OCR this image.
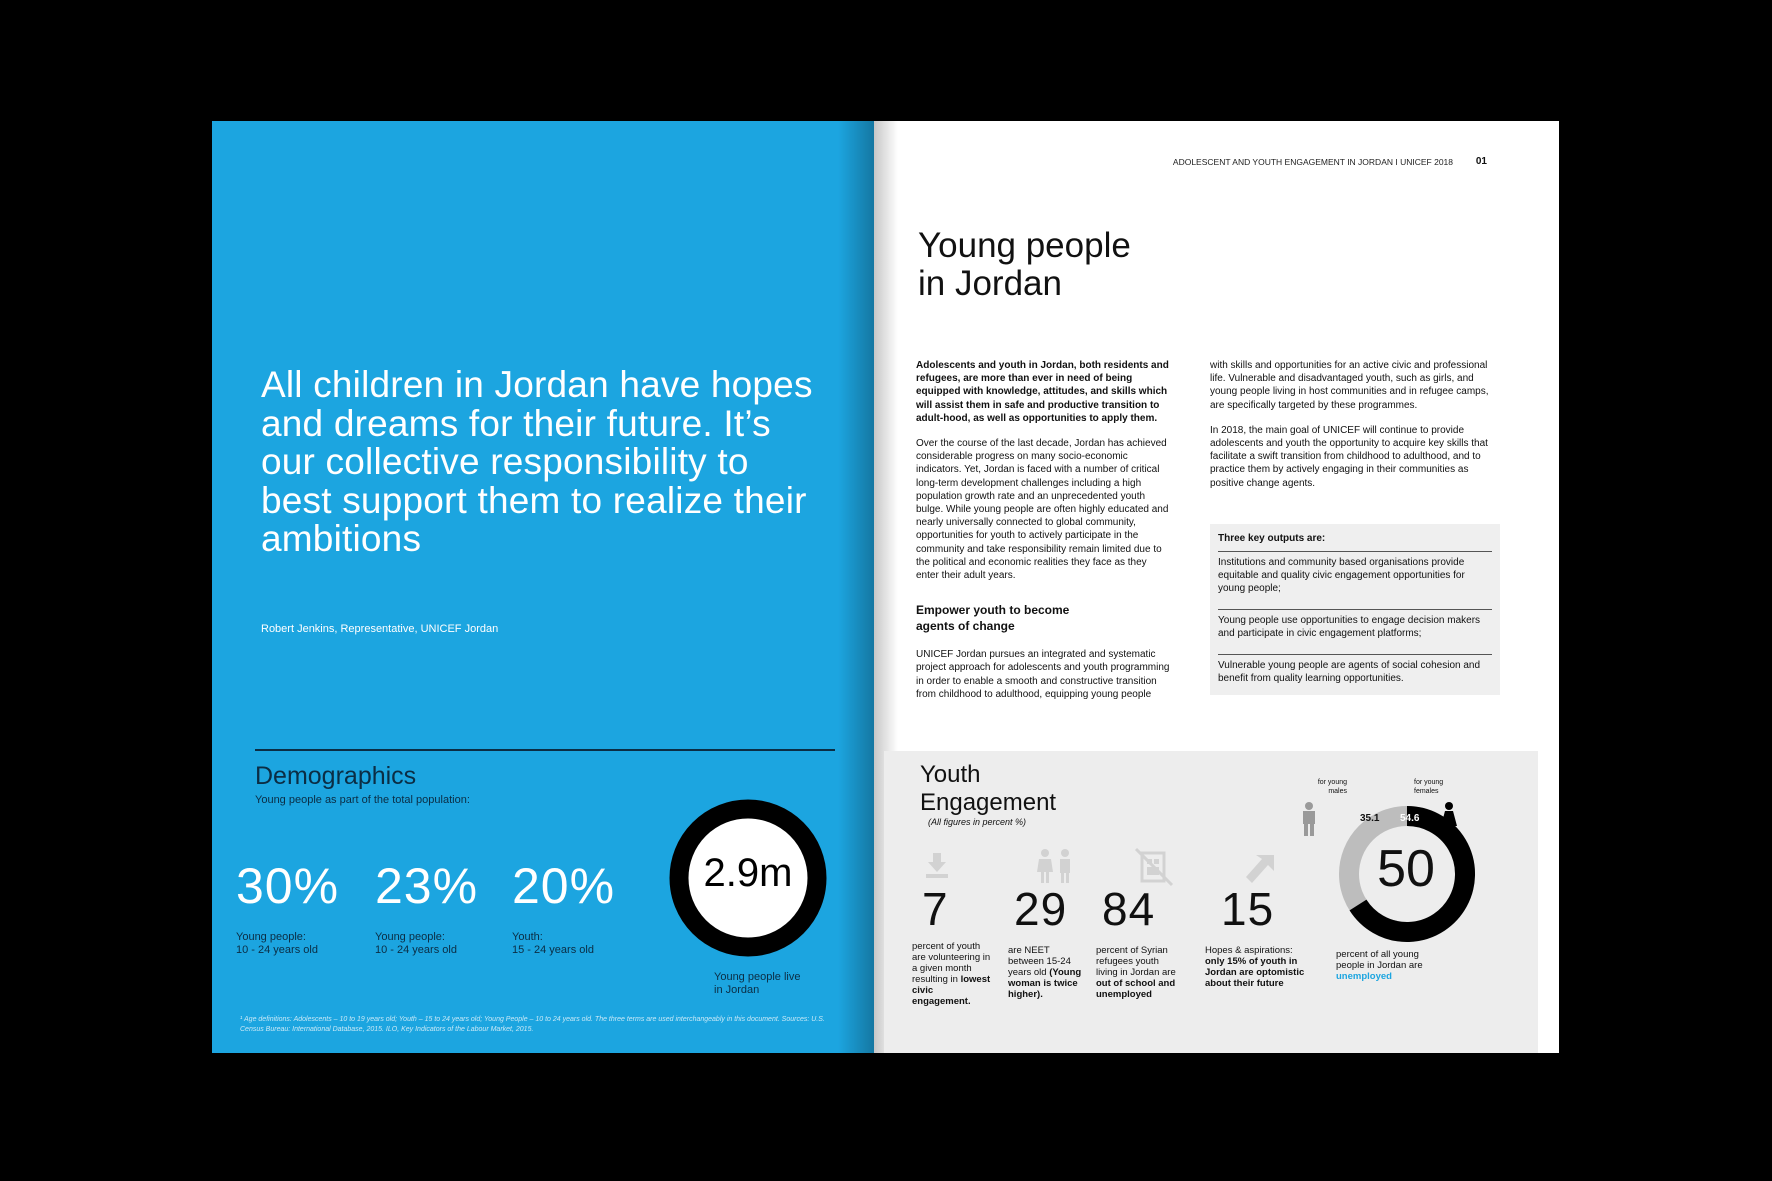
All children in Jordan have hopes and dreams for their future. It’s our collective responsibility to best support them to realize their ambitions
Robert Jenkins, Representative, UNICEF Jordan
Demographics
Young people as part of the total population:
30%
Young people:
10 - 24 years old
23%
Young people:
10 - 24 years old
20%
Youth:
15 - 24 years old
2.9m
Young people live
in Jordan
¹ Age definitions: Adolescents – 10 to 19 years old; Youth – 15 to 24 years old; Young People – 10 to 24 years old. The three terms are used interchangeably in this document. Sources: U.S. Census Bureau: International Database, 2015. ILO, Key Indicators of the Labour Market, 2015.
ADOLESCENT AND YOUTH ENGAGEMENT IN JORDAN I UNICEF 2018 01
Young people
in Jordan
Adolescents and youth in Jordan, both residents and refugees, are more than ever in need of being equipped with knowledge, attitudes, and skills which will assist them in safe and productive transition to adult-hood, as well as opportunities to apply them.
Over the course of the last decade, Jordan has achieved considerable progress on many socio-economic indicators. Yet, Jordan is faced with a number of critical long-term development challenges including a high population growth rate and an unprecedented youth bulge. While young people are often highly educated and nearly universally connected to global community, opportunities for youth to actively participate in the community and take responsibility remain limited due to the political and economic realities they face as they enter their adult years.
Empower youth to become
agents of change
UNICEF Jordan pursues an integrated and systematic project approach for adolescents and youth programming in order to enable a smooth and constructive transition from childhood to adulthood, equipping young people
with skills and opportunities for an active civic and professional life. Vulnerable and disadvantaged youth, such as girls, and young people living in host communities and in refugee camps, are specifically targeted by these programmes.
In 2018, the main goal of UNICEF will continue to provide adolescents and youth the opportunity to acquire key skills that facilitate a swift transition from childhood to adulthood, and to practice them by actively engaging in their communities as positive change agents.
Three key outputs are:
Institutions and community based organisations provide equitable and quality civic engagement opportunities for young people;
Young people use opportunities to engage decision makers and participate in civic engagement platforms;
Vulnerable young people are agents of social cohesion and benefit from quality learning opportunities.
Youth
Engagement
(All figures in percent %)
7 29 84 15
percent of youth are volunteering in a given month resulting in lowest civic engagement.
are NEET between 15-24 years old (Young woman is twice higher).
percent of Syrian refugees youth living in Jordan are out of school and unemployed
Hopes & aspirations: only 15% of youth in Jordan are optomistic about their future
50
35.1 54.6
for young males
for young females
percent of all young people in Jordan are unemployed
